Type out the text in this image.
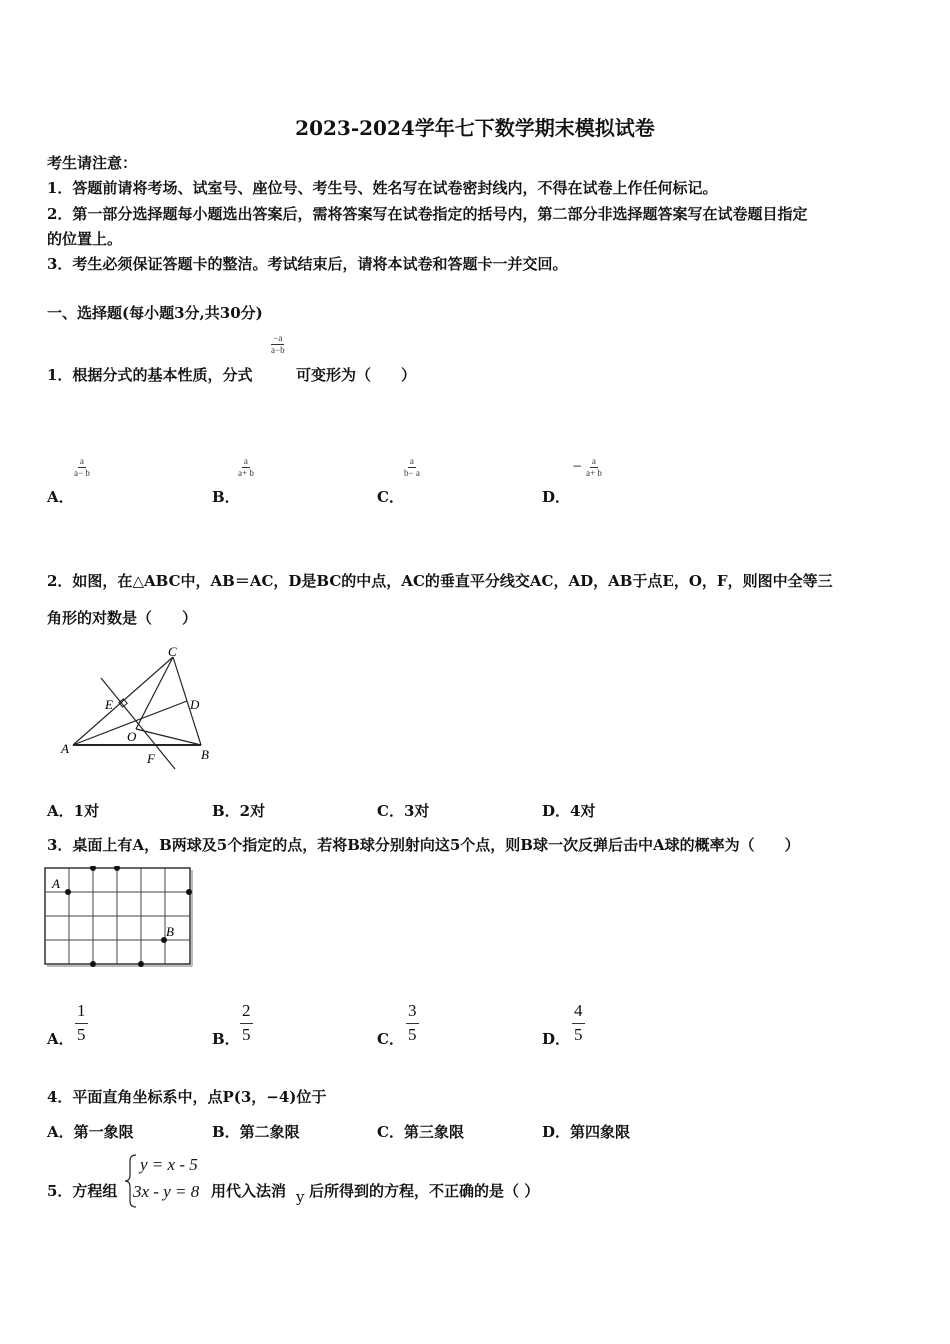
2023-2024学年七下数学期末模拟试卷
考生请注意：
1．答题前请将考场、试室号、座位号、考生号、姓名写在试卷密封线内，不得在试卷上作任何标记。
2．第一部分选择题每小题选出答案后，需将答案写在试卷指定的括号内，第二部分非选择题答案写在试卷题目指定
的位置上。
3．考生必须保证答题卡的整洁。考试结束后，请将本试卷和答题卡一并交回。
一、选择题(每小题3分,共30分)
$\frac{-a}{a-b}$
1．根据分式的基本性质，分式	可变形为（　　）
A．
$\frac{a}{a- b}$
B．
$\frac{a}{a+ b}$
C．
$\frac{a}{b- a}$
D．
− $\frac{a}{a+ b}$
2．如图，在△ABC中，AB＝AC，D是BC的中点，AC的垂直平分线交AC，AD，AB于点E，O，F，则图中全等三
角形的对数是（　　）
C
D
E
O
A
F	B
A．1对	B．2对	C．3对	D．4对
3．桌面上有A，B两球及5个指定的点，若将B球分别射向这5个点，则B球一次反弹后击中A球的概率为（　　）
A
B
A． $\frac{1}{5}$	B． $\frac{2}{5}$	C． $\frac{3}{5}$	D． $\frac{4}{5}$
4．平面直角坐标系中，点P(3，−4)位于
A．第一象限	B．第二象限	C．第三象限	D．第四象限
5．方程组
y = x - 5
3x - y = 8 用代入法消 y 后所得到的方程，不正确的是（ ）
